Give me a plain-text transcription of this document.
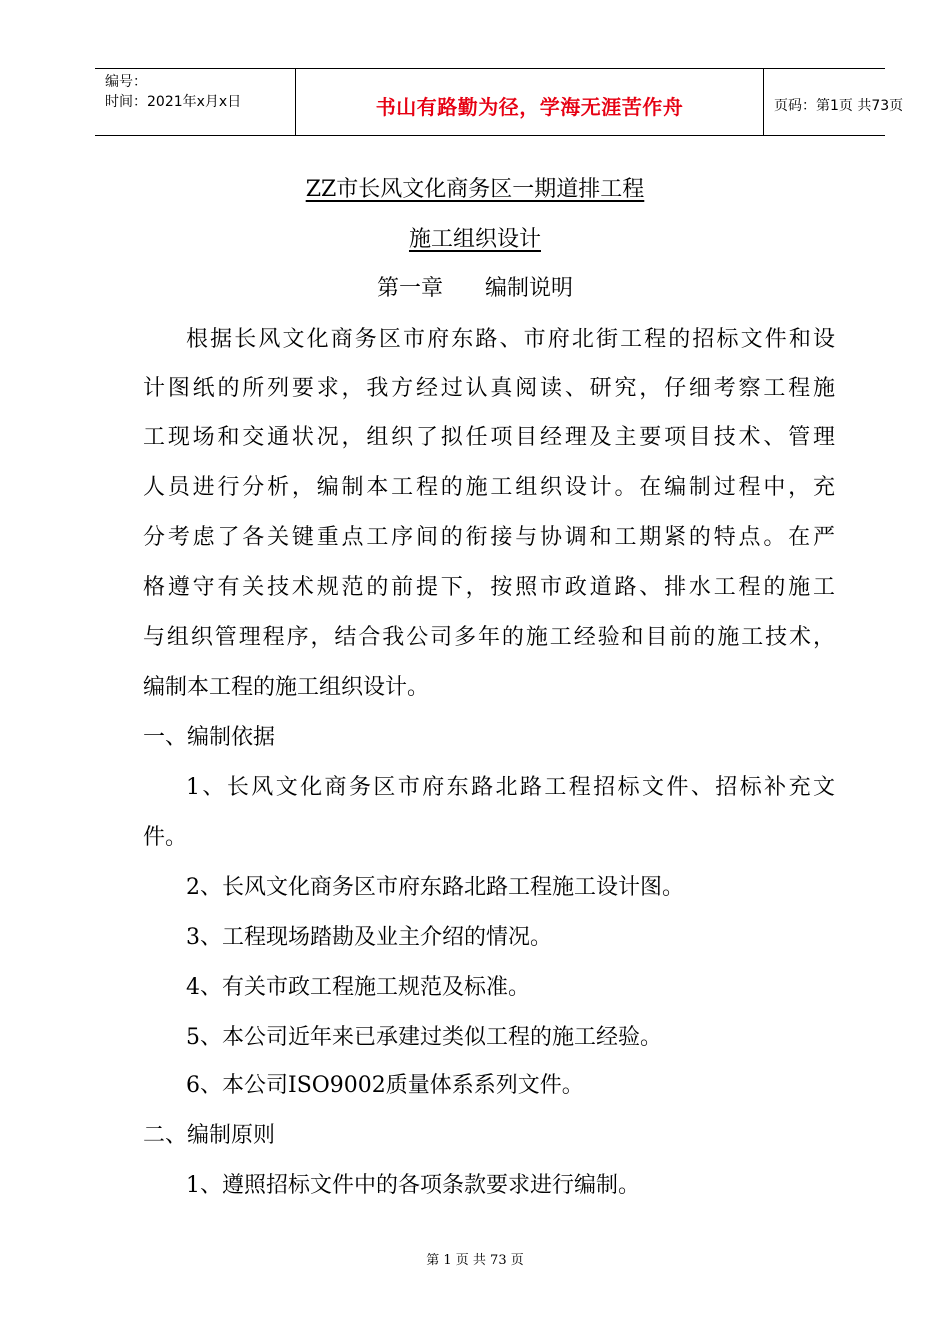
编号：
时间：2021年x月x日	书山有路勤为径，学海无涯苦作舟	页码：第1页 共73页
ZZ市长风文化商务区一期道排工程
施工组织设计
第一章      编制说明
根据长风文化商务区市府东路、市府北街工程的招标文件和设
计图纸的所列要求，我方经过认真阅读、研究，仔细考察工程施
工现场和交通状况，组织了拟任项目经理及主要项目技术、管理
人员进行分析，编制本工程的施工组织设计。在编制过程中，充
分考虑了各关键重点工序间的衔接与协调和工期紧的特点。在严
格遵守有关技术规范的前提下，按照市政道路、排水工程的施工
与组织管理程序，结合我公司多年的施工经验和目前的施工技术，
编制本工程的施工组织设计。
一、编制依据
1、长风文化商务区市府东路北路工程招标文件、招标补充文
件。
2、长风文化商务区市府东路北路工程施工设计图。
3、工程现场踏勘及业主介绍的情况。
4、有关市政工程施工规范及标准。
5、本公司近年来已承建过类似工程的施工经验。
6、本公司ISO9002质量体系系列文件。
二、编制原则
1、遵照招标文件中的各项条款要求进行编制。
第 1 页 共 73 页
